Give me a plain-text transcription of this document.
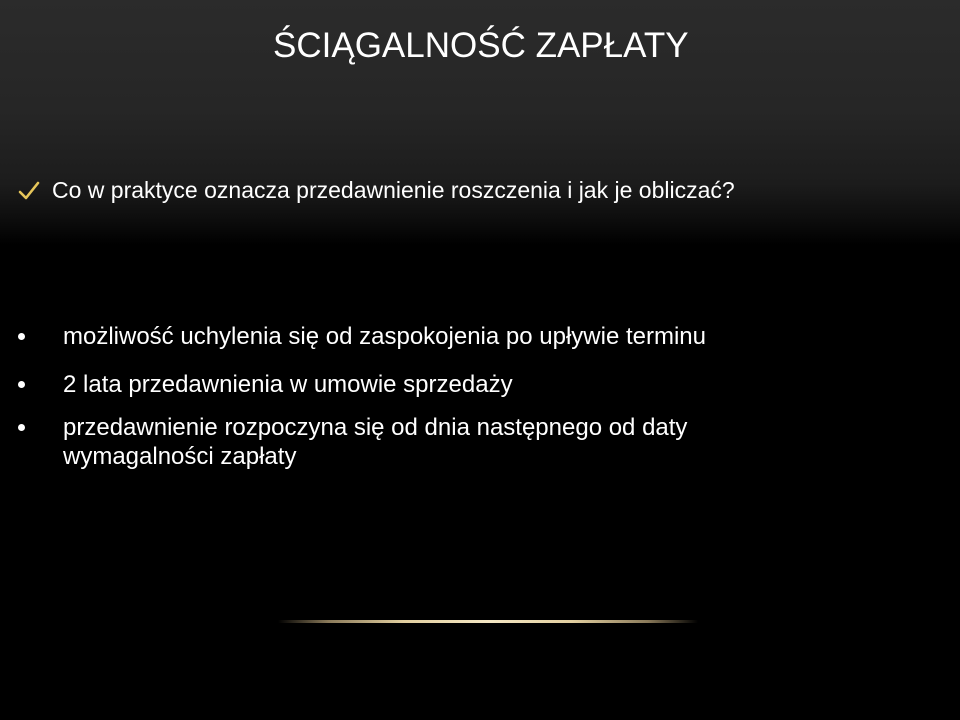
ŚCIĄGALNOŚĆ ZAPŁATY
Co w praktyce oznacza przedawnienie roszczenia i jak je obliczać?
możliwość uchylenia się od zaspokojenia po upływie terminu
2 lata przedawnienia w umowie sprzedaży
przedawnienie rozpoczyna się od dnia następnego od daty wymagalności zapłaty
